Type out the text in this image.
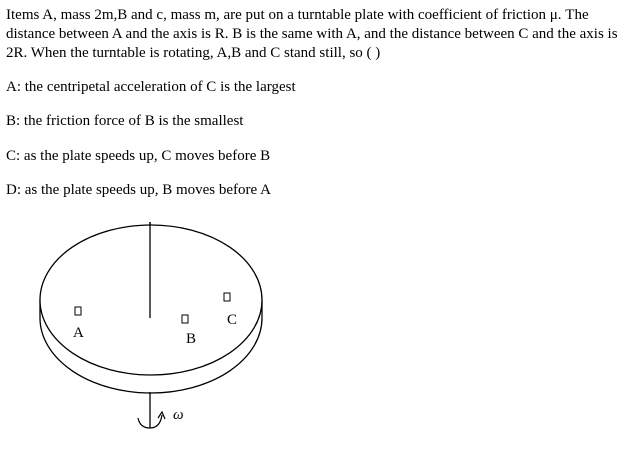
Items A, mass 2m,B and c, mass m, are put on a turntable plate with coefficient of friction μ. The distance between A and the axis is R. B is the same with A, and the distance between C and the axis is 2R. When the turntable is rotating, A,B and C stand still, so ( )

A: the centripetal acceleration of C is the largest

B: the friction force of B is the smallest

C: as the plate speeds up, C moves before B

D: as the plate speeds up, B moves before A

ω
A	B
C
